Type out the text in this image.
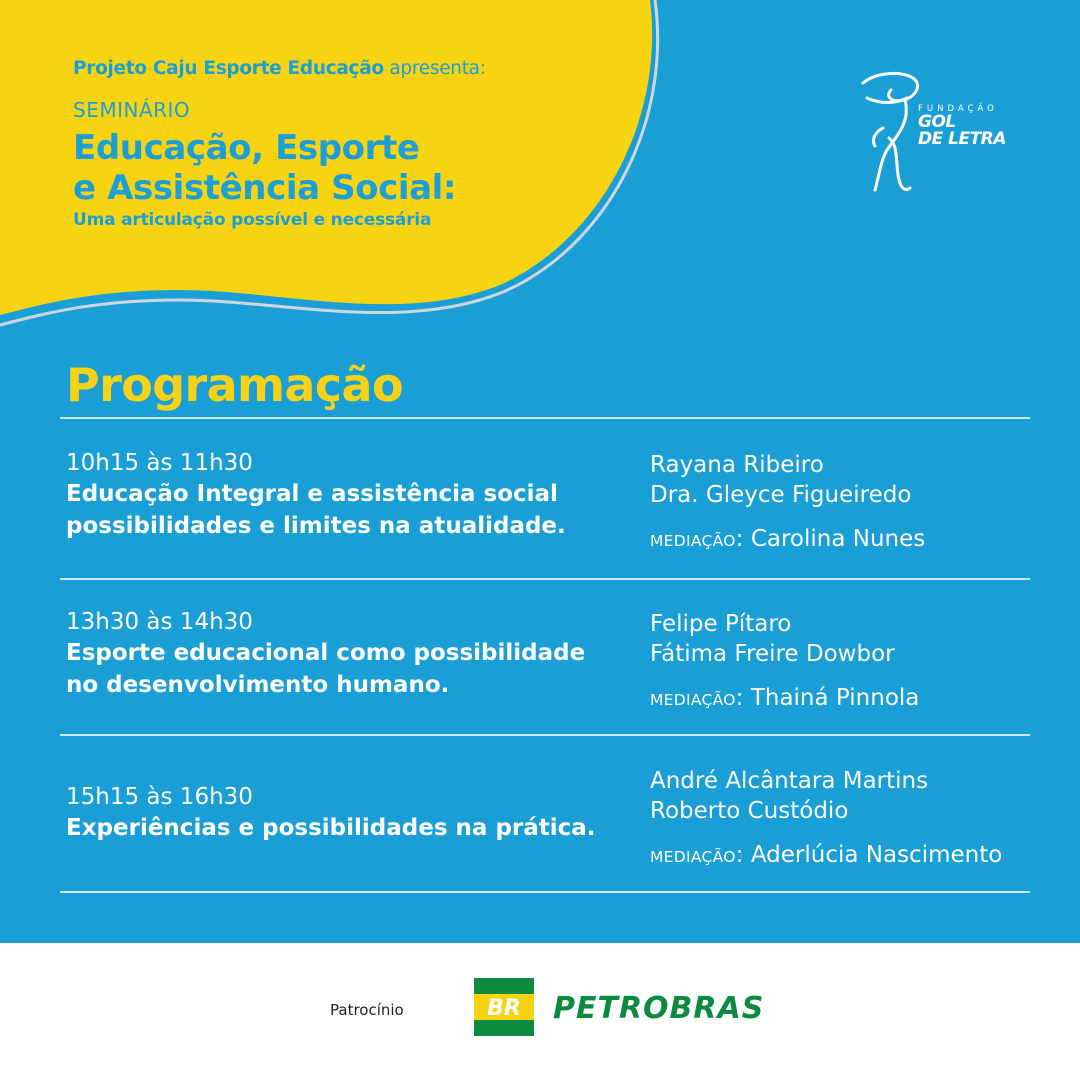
Projeto Caju Esporte Educação apresenta:
SEMINÁRIO
Educação, Esporte
e Assistência Social:
Uma articulação possível e necessária
FUNDAÇÃO
GOL
DE LETRA
Programação
10h15 às 11h30
Educação Integral e assistência social
possibilidades e limites na atualidade.
Rayana Ribeiro
Dra. Gleyce Figueiredo
MEDIAÇÃO: Carolina Nunes
13h30 às 14h30
Esporte educacional como possibilidade
no desenvolvimento humano.
Felipe Pítaro
Fátima Freire Dowbor
MEDIAÇÃO: Thainá Pinnola
15h15 às 16h30
Experiências e possibilidades na prática.
André Alcântara Martins
Roberto Custódio
MEDIAÇÃO: Aderlúcia Nascimento
Patrocínio	BR PETROBRAS
